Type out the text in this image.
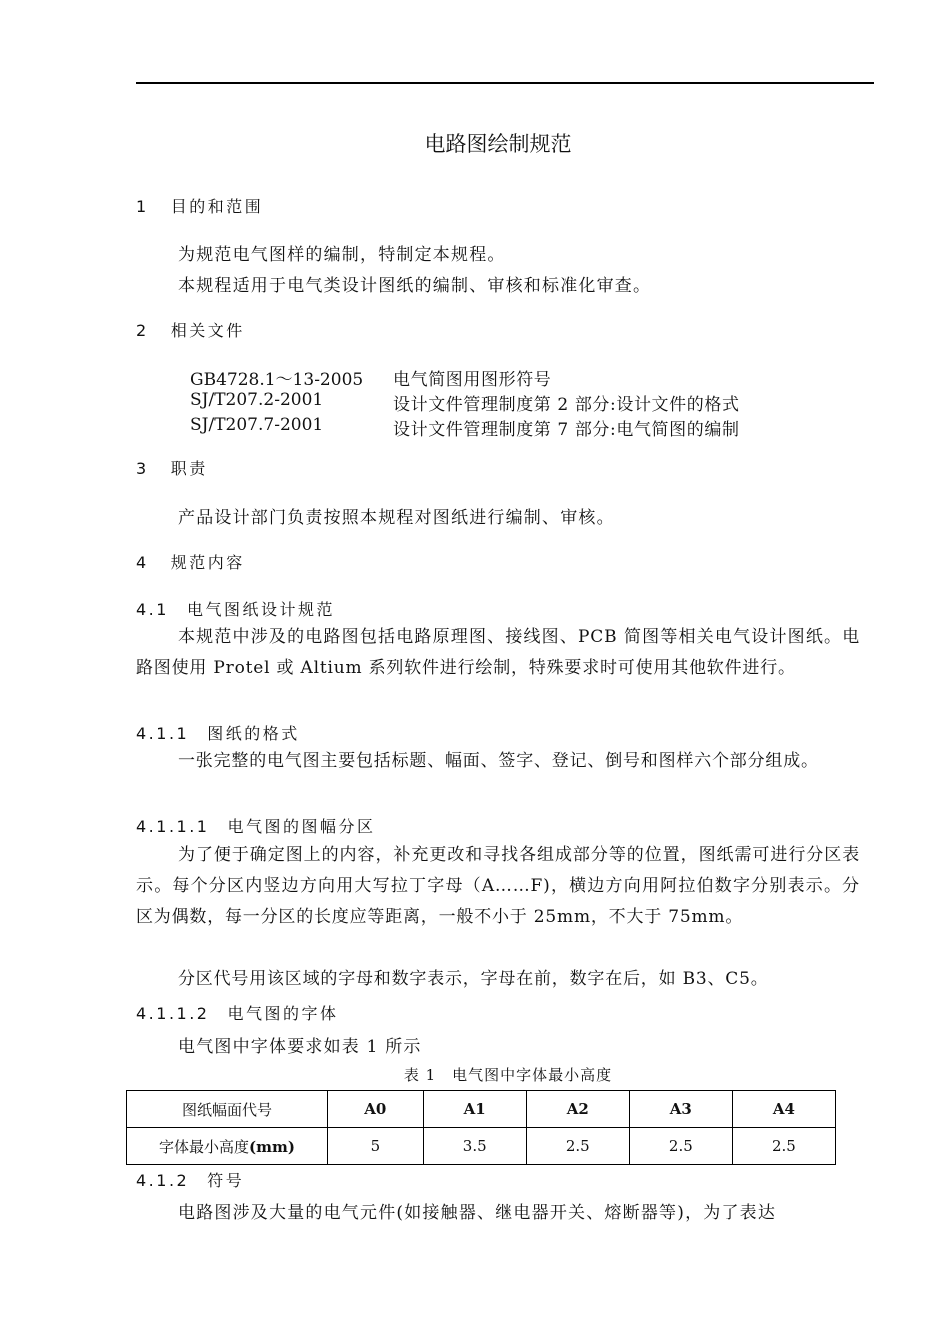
电路图绘制规范
1 目的和范围
为规范电气图样的编制，特制定本规程。
本规程适用于电气类设计图纸的编制、审核和标准化审查。
2 相关文件
GB4728.1～13-2005 电气简图用图形符号
SJ/T207.2-2001	设计文件管理制度第 2 部分:设计文件的格式
SJ/T207.7-2001	设计文件管理制度第 7 部分:电气简图的编制
3 职责
产品设计部门负责按照本规程对图纸进行编制、审核。
4 规范内容
4.1 电气图纸设计规范
本规范中涉及的电路图包括电路原理图、接线图、PCB 简图等相关电气设计图纸。电路图使用 Protel 或 Altium 系列软件进行绘制，特殊要求时可使用其他软件进行。
4.1.1 图纸的格式
一张完整的电气图主要包括标题、幅面、签字、登记、倒号和图样六个部分组成。
4.1.1.1 电气图的图幅分区
为了便于确定图上的内容，补充更改和寻找各组成部分等的位置，图纸需可进行分区表示。每个分区内竖边方向用大写拉丁字母（A……F)，横边方向用阿拉伯数字分别表示。分区为偶数，每一分区的长度应等距离，一般不小于 25mm，不大于 75mm。
分区代号用该区域的字母和数字表示，字母在前，数字在后，如 B3、C5。
4.1.1.2 电气图的字体
电气图中字体要求如表 1 所示
表 1　电气图中字体最小高度
图纸幅面代号	A0	A1	A2	A3	A4
字体最小高度(mm)	5	3.5	2.5	2.5	2.5
4.1.2 符号
电路图涉及大量的电气元件(如接触器、继电器开关、熔断器等)，为了表达
